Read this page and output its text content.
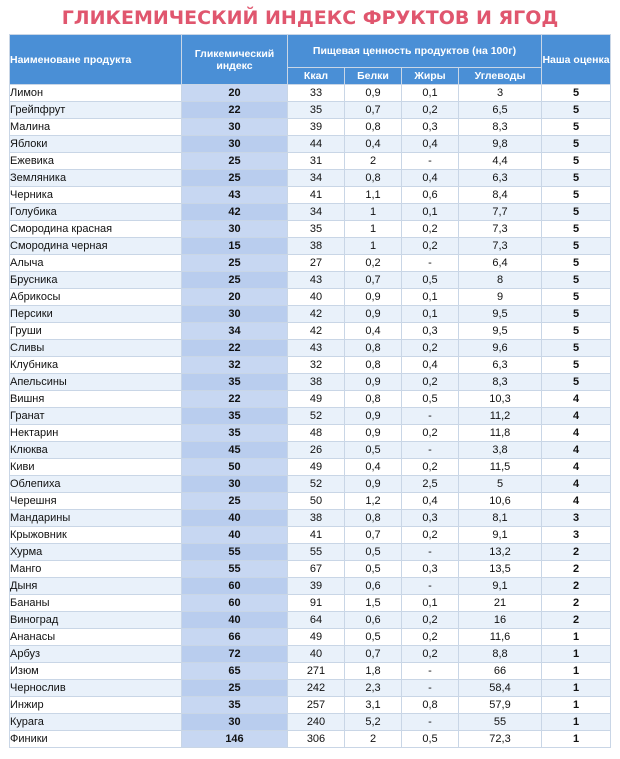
ГЛИКЕМИЧЕСКИЙ ИНДЕКС ФРУКТОВ И ЯГОД
Наименоване продукта	Гликемический индекс	Пищевая ценность продуктов (на 100г)				Наша оценка
		Ккал	Белки	Жиры	Углеводы	
Лимон	20	33	0,9	0,1	3	5
Грейпфрут	22	35	0,7	0,2	6,5	5
Малина	30	39	0,8	0,3	8,3	5
Яблоки	30	44	0,4	0,4	9,8	5
Ежевика	25	31	2	-	4,4	5
Земляника	25	34	0,8	0,4	6,3	5
Черника	43	41	1,1	0,6	8,4	5
Голубика	42	34	1	0,1	7,7	5
Смородина красная	30	35	1	0,2	7,3	5
Смородина черная	15	38	1	0,2	7,3	5
Алыча	25	27	0,2	-	6,4	5
Брусника	25	43	0,7	0,5	8	5
Абрикосы	20	40	0,9	0,1	9	5
Персики	30	42	0,9	0,1	9,5	5
Груши	34	42	0,4	0,3	9,5	5
Сливы	22	43	0,8	0,2	9,6	5
Клубника	32	32	0,8	0,4	6,3	5
Апельсины	35	38	0,9	0,2	8,3	5
Вишня	22	49	0,8	0,5	10,3	4
Гранат	35	52	0,9	-	11,2	4
Нектарин	35	48	0,9	0,2	11,8	4
Клюква	45	26	0,5	-	3,8	4
Киви	50	49	0,4	0,2	11,5	4
Облепиха	30	52	0,9	2,5	5	4
Черешня	25	50	1,2	0,4	10,6	4
Мандарины	40	38	0,8	0,3	8,1	3
Крыжовник	40	41	0,7	0,2	9,1	3
Хурма	55	55	0,5	-	13,2	2
Манго	55	67	0,5	0,3	13,5	2
Дыня	60	39	0,6	-	9,1	2
Бананы	60	91	1,5	0,1	21	2
Виноград	40	64	0,6	0,2	16	2
Ананасы	66	49	0,5	0,2	11,6	1
Арбуз	72	40	0,7	0,2	8,8	1
Изюм	65	271	1,8	-	66	1
Чернослив	25	242	2,3	-	58,4	1
Инжир	35	257	3,1	0,8	57,9	1
Курага	30	240	5,2	-	55	1
Финики	146	306	2	0,5	72,3	1
